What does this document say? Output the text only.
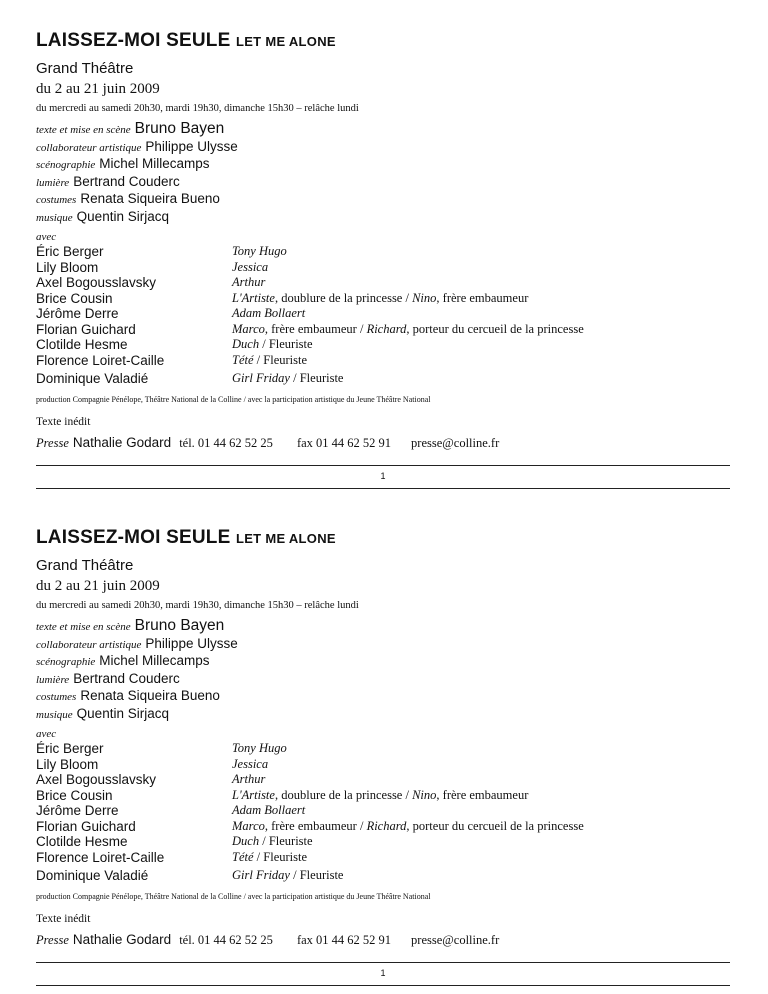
LAISSEZ-MOI SEULE LET ME ALONE
Grand Théâtre
du 2 au 21 juin 2009
du mercredi au samedi 20h30, mardi 19h30, dimanche 15h30 – relâche lundi
texte et mise en scène Bruno Bayen
collaborateur artistique Philippe Ulysse
scénographie Michel Millecamps
lumière Bertrand Couderc
costumes Renata Siqueira Bueno
musique Quentin Sirjacq
avec
Éric Berger	Tony Hugo
Lily Bloom	Jessica
Axel Bogousslavsky	Arthur
Brice Cousin	L'Artiste, doublure de la princesse / Nino, frère embaumeur
Jérôme Derre	Adam Bollaert
Florian Guichard	Marco, frère embaumeur / Richard, porteur du cercueil de la princesse
Clotilde Hesme	Duch / Fleuriste
Florence Loiret-Caille	Tété / Fleuriste
Dominique Valadié	Girl Friday / Fleuriste
production Compagnie Pénélope, Théâtre National de la Colline / avec la participation artistique du Jeune Théâtre National
Texte inédit
Presse Nathalie Godard tél. 01 44 62 52 25 fax 01 44 62 52 91 presse@colline.fr
1
LAISSEZ-MOI SEULE LET ME ALONE
Grand Théâtre
du 2 au 21 juin 2009
du mercredi au samedi 20h30, mardi 19h30, dimanche 15h30 – relâche lundi
texte et mise en scène Bruno Bayen
collaborateur artistique Philippe Ulysse
scénographie Michel Millecamps
lumière Bertrand Couderc
costumes Renata Siqueira Bueno
musique Quentin Sirjacq
avec
Éric Berger	Tony Hugo
Lily Bloom	Jessica
Axel Bogousslavsky	Arthur
Brice Cousin	L'Artiste, doublure de la princesse / Nino, frère embaumeur
Jérôme Derre	Adam Bollaert
Florian Guichard	Marco, frère embaumeur / Richard, porteur du cercueil de la princesse
Clotilde Hesme	Duch / Fleuriste
Florence Loiret-Caille	Tété / Fleuriste
Dominique Valadié	Girl Friday / Fleuriste
production Compagnie Pénélope, Théâtre National de la Colline / avec la participation artistique du Jeune Théâtre National
Texte inédit
Presse Nathalie Godard tél. 01 44 62 52 25 fax 01 44 62 52 91 presse@colline.fr
1
